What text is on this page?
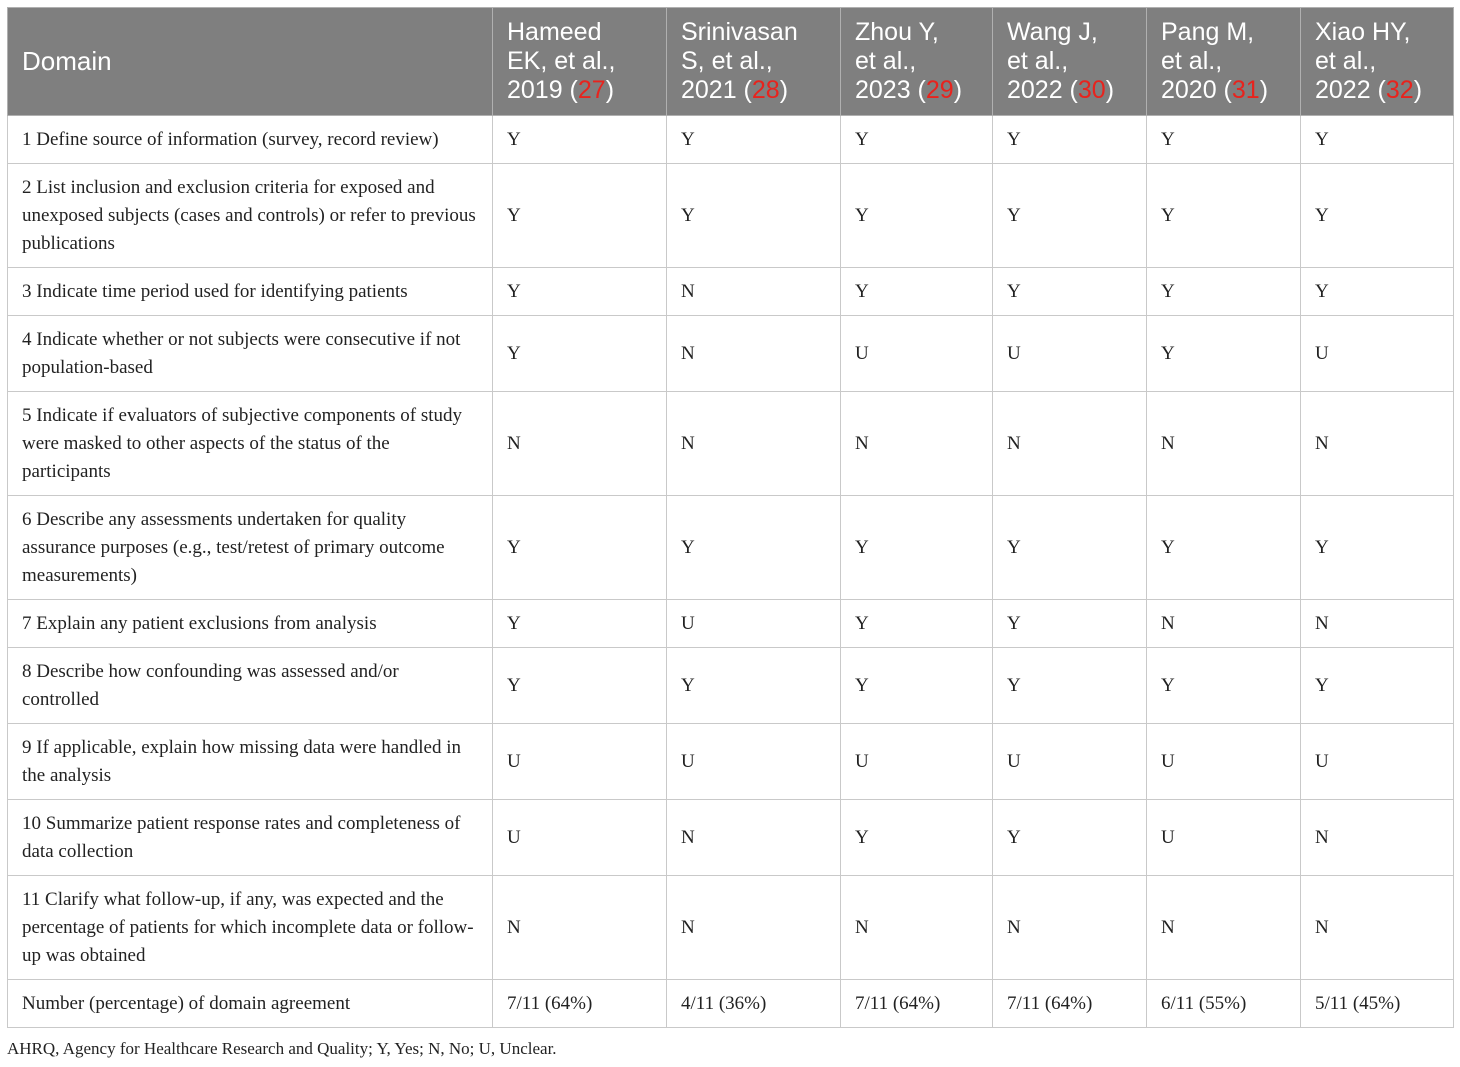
Domain	Hameed
EK, et al.,
2019 (27)	Srinivasan
S, et al.,
2021 (28)	Zhou Y,
et al.,
2023 (29)	Wang J,
et al.,
2022 (30)	Pang M,
et al.,
2020 (31)	Xiao HY,
et al.,
2022 (32)
1 Define source of information (survey, record review)	Y	Y	Y	Y	Y	Y
2 List inclusion and exclusion criteria for exposed and unexposed subjects (cases and controls) or refer to previous publications	Y	Y	Y	Y	Y	Y
3 Indicate time period used for identifying patients	Y	N	Y	Y	Y	Y
4 Indicate whether or not subjects were consecutive if not population-based	Y	N	U	U	Y	U
5 Indicate if evaluators of subjective components of study were masked to other aspects of the status of the participants	N	N	N	N	N	N
6 Describe any assessments undertaken for quality assurance purposes (e.g., test/retest of primary outcome measurements)	Y	Y	Y	Y	Y	Y
7 Explain any patient exclusions from analysis	Y	U	Y	Y	N	N
8 Describe how confounding was assessed and/or controlled	Y	Y	Y	Y	Y	Y
9 If applicable, explain how missing data were handled in the analysis	U	U	U	U	U	U
10 Summarize patient response rates and completeness of data collection	U	N	Y	Y	U	N
11 Clarify what follow-up, if any, was expected and the percentage of patients for which incomplete data or follow-up was obtained	N	N	N	N	N	N
Number (percentage) of domain agreement	7/11 (64%)	4/11 (36%)	7/11 (64%)	7/11 (64%)	6/11 (55%)	5/11 (45%)
AHRQ, Agency for Healthcare Research and Quality; Y, Yes; N, No; U, Unclear.
